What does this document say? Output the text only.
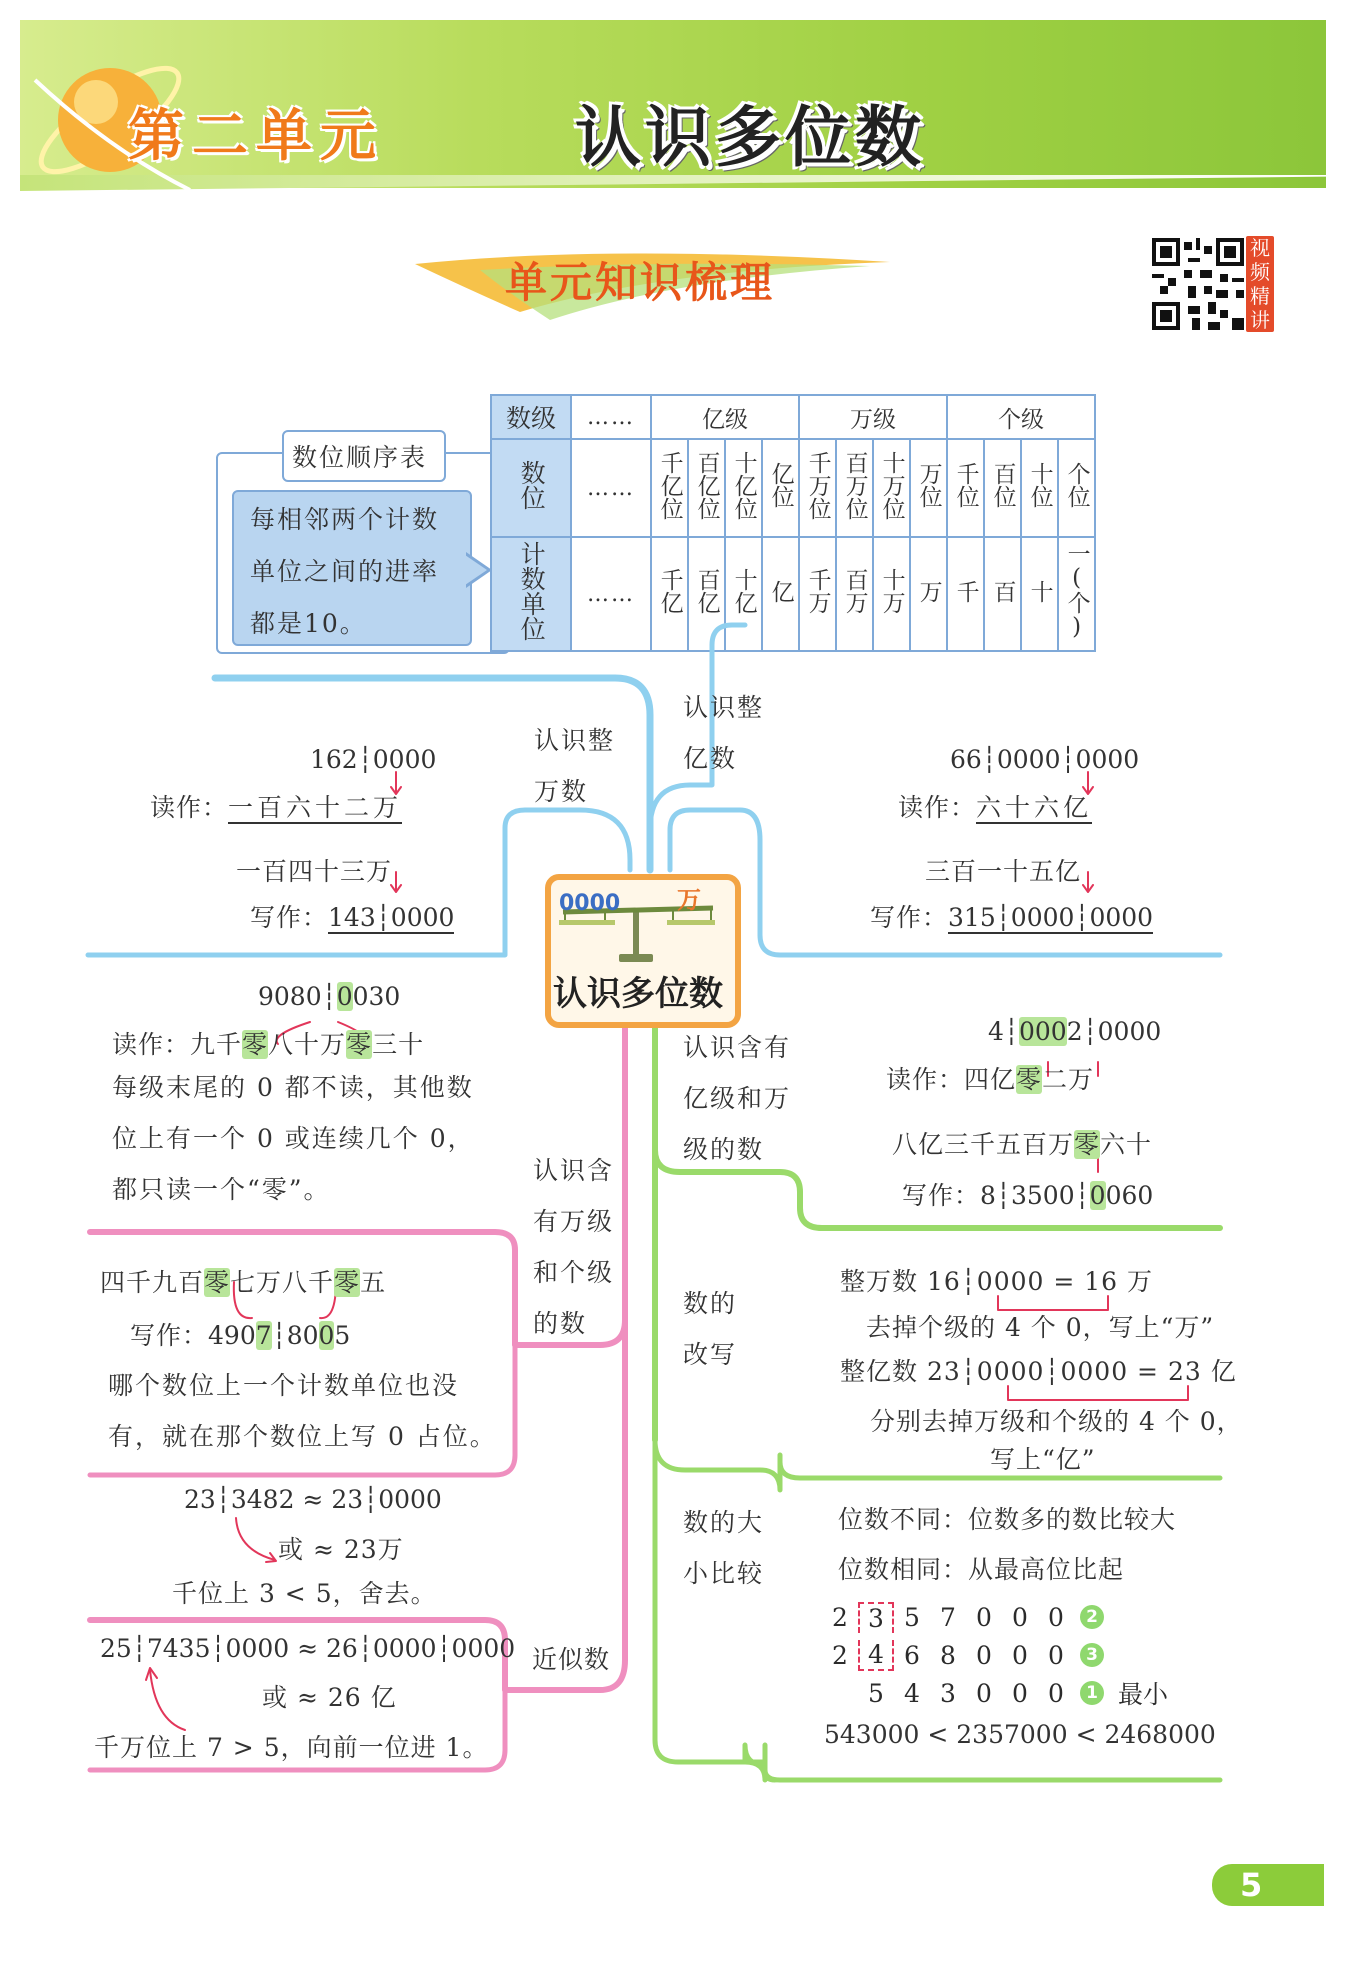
第二单元	认识多位数
单元知识梳理
视频精讲
数位顺序表
每相邻两个计数
单位之间的进率
都是10。
数级	……	亿级				万级				个级			
数位	……	千亿位	百亿位	十亿位	亿位	千万位	百万位	十万位	万位	千位	百位	十位	个位
计数单位	……	千亿	百亿	十亿	亿	千万	百万	十万	万	千	百	十	一(个)
0000 万
认识多位数
认识整
万数
162┆0000
读作：一百六十二万
一百四十三万
写作：143┆0000
认识整
亿数	66┆0000┆0000
读作：六十六亿
三百一十五亿
写作：315┆0000┆0000
9080┆0030
读作：九千零八十万零三十
每级末尾的 0 都不读，其他数
位上有一个 0 或连续几个 0，
都只读一个“零”。
认识含
有万级
和个级
的数
四千九百零七万八千零五
写作：4907┆8005
哪个数位上一个计数单位也没
有，就在那个数位上写 0 占位。
认识含有
亿级和万
级的数
4┆0002┆0000
读作：四亿零二万
八亿三千五百万零六十
写作：8┆3500┆0060
数的
改写
整万数 16┆0000 = 16 万
去掉个级的 4 个 0，写上“万”
整亿数 23┆0000┆0000 = 23 亿
分别去掉万级和个级的 4 个 0，
写上“亿”
23┆3482 ≈ 23┆0000
或 ≈ 23万
千位上 3 < 5，舍去。
近似数
25┆7435┆0000 ≈ 26┆0000┆0000
或 ≈ 26 亿
千万位上 7 > 5，向前一位进 1。
数的大
小比较
位数不同：位数多的数比较大
位数相同：从最高位比起
2 3 5 7 0 0 0	2
2 4 6 8 0 0 0	3
5 4 3 0 0 0	1 最小
543000 < 2357000 < 2468000
5
